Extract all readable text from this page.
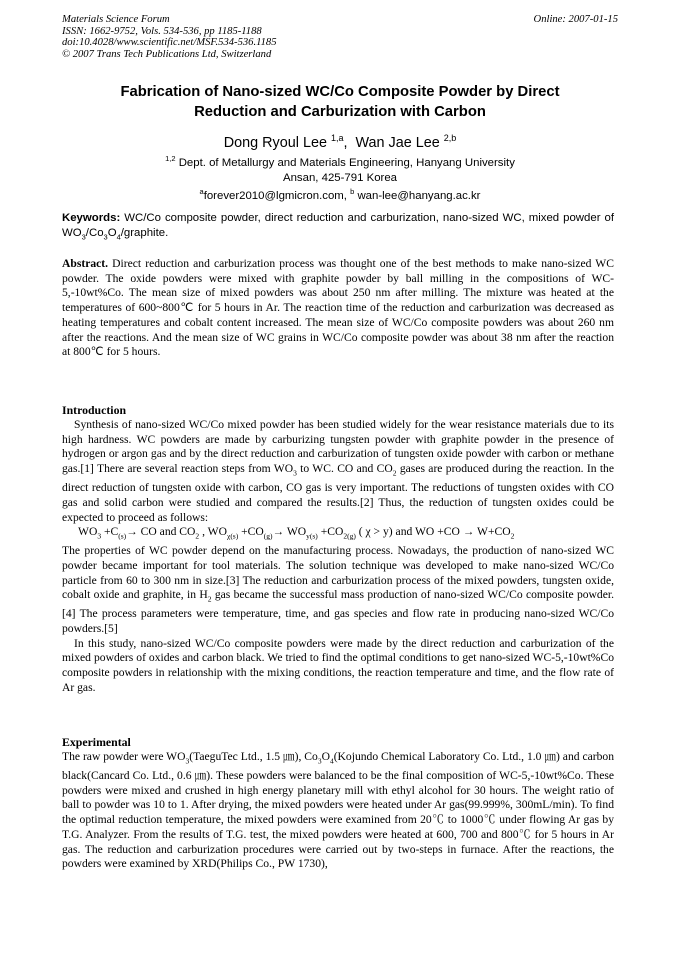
Materials Science Forum
ISSN: 1662-9752, Vols. 534-536, pp 1185-1188
doi:10.4028/www.scientific.net/MSF.534-536.1185
© 2007 Trans Tech Publications Ltd, Switzerland
Online: 2007-01-15
Fabrication of Nano-sized WC/Co Composite Powder by Direct
Reduction and Carburization with Carbon
Dong Ryoul Lee $^{1,a}$, Wan Jae Lee $^{2,b}$
$^{1,2}$ Dept. of Metallurgy and Materials Engineering, Hanyang University
Ansan, 425-791 Korea
$^a$forever2010@lgmicron.com, $^b$ wan-lee@hanyang.ac.kr
Keywords: WC/Co composite powder, direct reduction and carburization, nano-sized WC, mixed powder of $WO_3/Co_3O_4$/graphite.

Abstract. Direct reduction and carburization process was thought one of the best methods to make nano-sized WC powder. The oxide powders were mixed with graphite powder by ball milling in the compositions of WC-5,-10wt%Co. The mean size of mixed powders was about 250 nm after milling. The mixture was heated at the temperatures of 600~800℃ for 5 hours in Ar. The reaction time of the reduction and carburization was decreased as heating temperatures and cobalt content increased. The mean size of WC/Co composite powders was about 260 nm after the reactions. And the mean size of WC grains in WC/Co composite powder was about 38 nm after the reaction at 800℃ for 5 hours.

Introduction

Synthesis of nano-sized WC/Co mixed powder has been studied widely for the wear resistance materials due to its high hardness. WC powders are made by carburizing tungsten powder with graphite powder in the presence of hydrogen or argon gas and by the direct reduction and carburization of tungsten oxide powder with carbon or methane gas.[1] There are several reaction steps from $WO_3$ to WC. CO and $CO_2$ gases are produced during the reaction. In the direct reduction of tungsten oxide with carbon, CO gas is very important. The reductions of tungsten oxides with CO gas and solid carbon were studied and compared the results.[2] Thus, the reduction of tungsten oxides could be expected to proceed as follows:

$WO_3 +C_{(s)}\to$ CO and $CO_2$ , $WO_{\chi(s)} +CO_{(g)}\to WO_{y(s)} +CO_{2(g)}$ ( χ > y) and WO $+CO \to W+CO_2$

The properties of WC powder depend on the manufacturing process. Nowadays, the production of nano-sized WC powder became important for tool materials. The solution technique was developed to make nano-sized WC/Co particle from 60 to 300 nm in size.[3] The reduction and carburization process of the mixed powders, tungsten oxide, cobalt oxide and graphite, in $H_2$ gas became the successful mass production of nano-sized WC/Co composite powder.[4] The process parameters were temperature, time, and gas species and flow rate in producing nano-sized WC/Co powders.[5]

In this study, nano-sized WC/Co composite powders were made by the direct reduction and carburization of the mixed powders of oxides and carbon black. We tried to find the optimal conditions to get nano-sized WC-5,-10wt%Co composite powders in relationship with the mixing conditions, the reaction temperature and time, and the flow rate of Ar gas.

Experimental

The raw powder were $WO_3(TaeguTec$ Ltd., 1.5 ㎛), $Co_3O_4(Kojundo$ Chemical Laboratory Co. Ltd., 1.0 ㎛) and carbon black(Cancard Co. Ltd., 0.6 ㎛). These powders were balanced to be the final composition of WC-5,-10wt%Co. These powders were mixed and crushed in high energy planetary mill with ethyl alcohol for 30 hours. The weight ratio of ball to powder was 10 to 1. After drying, the mixed powders were heated under Ar gas(99.999%, 300mL/min). To find the optimal reduction temperature, the mixed powders were examined from 20℃ to 1000℃ under flowing Ar gas by T.G. Analyzer. From the results of T.G. test, the mixed powders were heated at 600, 700 and 800℃ for 5 hours in Ar gas. The reduction and carburization procedures were carried out by two-steps in furnace. After the reactions, the powders were examined by XRD(Philips Co., PW 1730),
